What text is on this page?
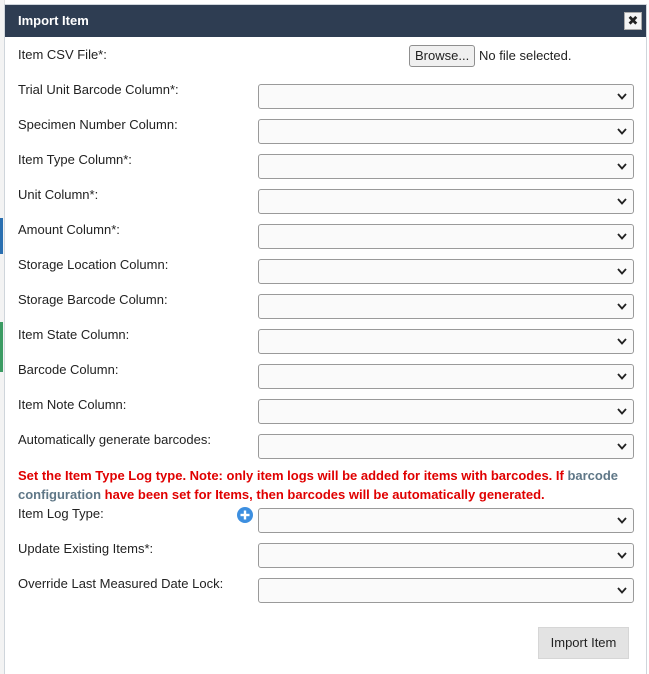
Import Item	✖
Item CSV File*:	Browse... No file selected.
Trial Unit Barcode Column*:
Specimen Number Column:
Item Type Column*:
Unit Column*:
Amount Column*:
Storage Location Column:
Storage Barcode Column:
Item State Column:
Barcode Column:
Item Note Column:
Automatically generate barcodes:
Set the Item Type Log type. Note: only item logs will be added for items with barcodes. If barcode configuration have been set for Items, then barcodes will be automatically generated.
Item Log Type:
Update Existing Items*:
Override Last Measured Date Lock:
Import Item
